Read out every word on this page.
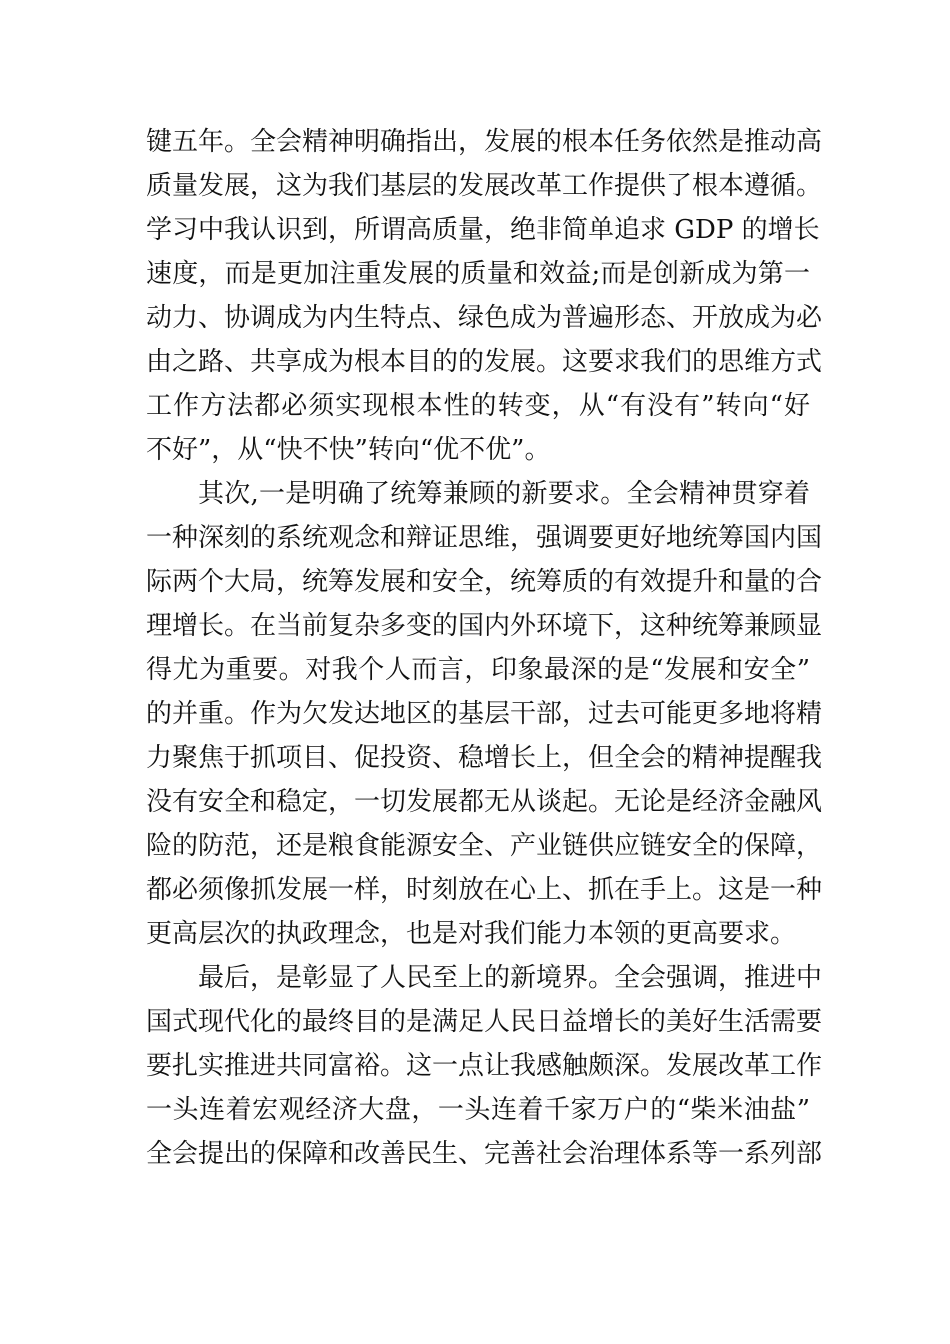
键五年。全会精神明确指出，发展的根本任务依然是推动高

质量发展，这为我们基层的发展改革工作提供了根本遵循。

学习中我认识到，所谓高质量，绝非简单追求 GDP 的增长

速度，而是更加注重发展的质量和效益;而是创新成为第一

动力、协调成为内生特点、绿色成为普遍形态、开放成为必

由之路、共享成为根本目的的发展。这要求我们的思维方式

工作方法都必须实现根本性的转变，从“有没有”转向“好

不好”，从“快不快”转向“优不优”。

其次,一是明确了统筹兼顾的新要求。全会精神贯穿着

一种深刻的系统观念和辩证思维，强调要更好地统筹国内国

际两个大局，统筹发展和安全，统筹质的有效提升和量的合

理增长。在当前复杂多变的国内外环境下，这种统筹兼顾显

得尤为重要。对我个人而言，印象最深的是“发展和安全”

的并重。作为欠发达地区的基层干部，过去可能更多地将精

力聚焦于抓项目、促投资、稳增长上，但全会的精神提醒我

没有安全和稳定，一切发展都无从谈起。无论是经济金融风

险的防范，还是粮食能源安全、产业链供应链安全的保障，

都必须像抓发展一样，时刻放在心上、抓在手上。这是一种

更高层次的执政理念，也是对我们能力本领的更高要求。

最后，是彰显了人民至上的新境界。全会强调，推进中

国式现代化的最终目的是满足人民日益增长的美好生活需要

要扎实推进共同富裕。这一点让我感触颇深。发展改革工作

一头连着宏观经济大盘，一头连着千家万户的“柴米油盐”

全会提出的保障和改善民生、完善社会治理体系等一系列部
